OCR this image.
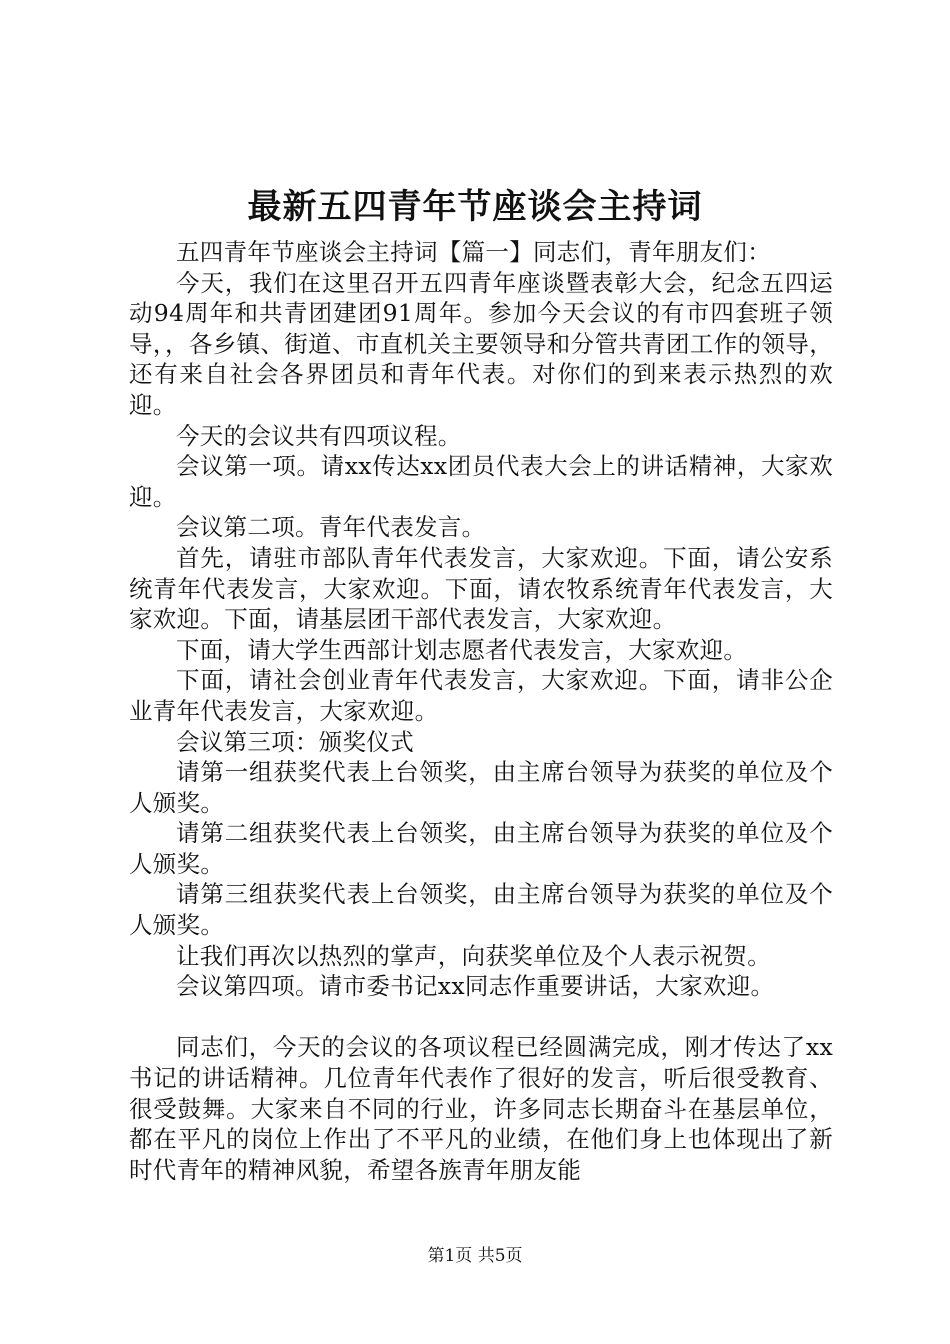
最新五四青年节座谈会主持词

五四青年节座谈会主持词【篇一】同志们，青年朋友们：

今天，我们在这里召开五四青年座谈暨表彰大会，纪念五四运动94周年和共青团建团91周年。参加今天会议的有市四套班子领导，，各乡镇、街道、市直机关主要领导和分管共青团工作的领导，还有来自社会各界团员和青年代表。对你们的到来表示热烈的欢迎。

今天的会议共有四项议程。

会议第一项。请xx传达xx团员代表大会上的讲话精神，大家欢迎。

会议第二项。青年代表发言。

首先，请驻市部队青年代表发言，大家欢迎。下面，请公安系统青年代表发言，大家欢迎。下面，请农牧系统青年代表发言，大家欢迎。下面，请基层团干部代表发言，大家欢迎。

下面，请大学生西部计划志愿者代表发言，大家欢迎。

下面，请社会创业青年代表发言，大家欢迎。下面，请非公企业青年代表发言，大家欢迎。

会议第三项：颁奖仪式

请第一组获奖代表上台领奖，由主席台领导为获奖的单位及个人颁奖。

请第二组获奖代表上台领奖，由主席台领导为获奖的单位及个人颁奖。

请第三组获奖代表上台领奖，由主席台领导为获奖的单位及个人颁奖。

让我们再次以热烈的掌声，向获奖单位及个人表示祝贺。

会议第四项。请市委书记xx同志作重要讲话，大家欢迎。

同志们，今天的会议的各项议程已经圆满完成，刚才传达了xx书记的讲话精神。几位青年代表作了很好的发言，听后很受教育、很受鼓舞。大家来自不同的行业，许多同志长期奋斗在基层单位，都在平凡的岗位上作出了不平凡的业绩，在他们身上也体现出了新时代青年的精神风貌，希望各族青年朋友能

第1页 共5页
